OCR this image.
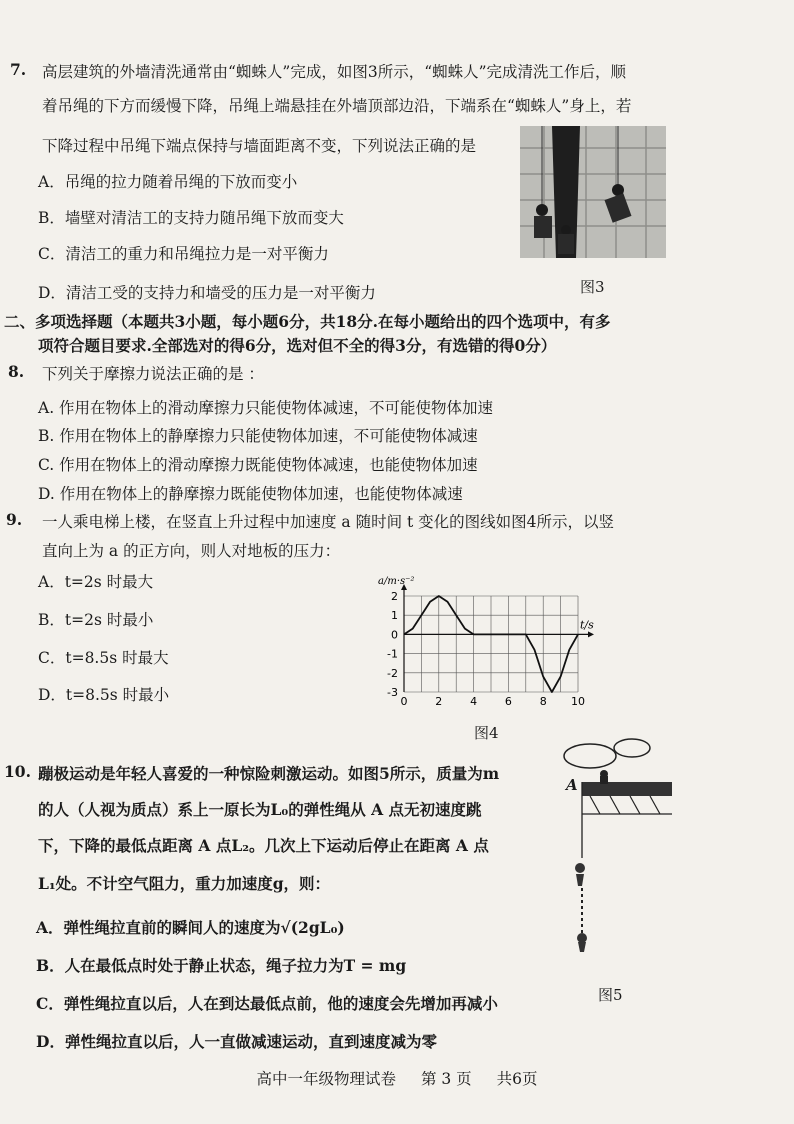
7. 高层建筑的外墙清洗通常由“蜘蛛人”完成，如图3所示，“蜘蛛人”完成清洗工作后，顺
着吊绳的下方而缓慢下降，吊绳上端悬挂在外墙顶部边沿，下端系在“蜘蛛人”身上，若
下降过程中吊绳下端点保持与墙面距离不变，下列说法正确的是
A．吊绳的拉力随着吊绳的下放而变小
B．墙壁对清洁工的支持力随吊绳下放而变大
C．清洁工的重力和吊绳拉力是一对平衡力
D．清洁工受的支持力和墙受的压力是一对平衡力	图3
二、多项选择题（本题共3小题，每小题6分，共18分.在每小题给出的四个选项中，有多
项符合题目要求.全部选对的得6分，选对但不全的得3分，有选错的得0分）
8. 下列关于摩擦力说法正确的是 ：
A. 作用在物体上的滑动摩擦力只能使物体减速，不可能使物体加速
B. 作用在物体上的静摩擦力只能使物体加速，不可能使物体减速
C. 作用在物体上的滑动摩擦力既能使物体减速，也能使物体加速
D. 作用在物体上的静摩擦力既能使物体加速，也能使物体减速
9. 一人乘电梯上楼，在竖直上升过程中加速度 a 随时间 t 变化的图线如图4所示，以竖
直向上为 a 的正方向，则人对地板的压力：
A．t=2s 时最大
B．t=2s 时最小
C．t=8.5s 时最大
D．t=8.5s 时最小	0	2	4	6	8 10
2
1
0
-1
-2
-3
t/s
a/m·s⁻²
图4
10. 蹦极运动是年轻人喜爱的一种惊险刺激运动。如图5所示，质量为m
的人（人视为质点）系上一原长为L₀的弹性绳从 A 点无初速度跳
下，下降的最低点距离 A 点L₂。几次上下运动后停止在距离 A 点
L₁处。不计空气阻力，重力加速度g，则：
A．弹性绳拉直前的瞬间人的速度为√(2gL₀)
B．人在最低点时处于静止状态，绳子拉力为T = mg
C．弹性绳拉直以后，人在到达最低点前，他的速度会先增加再减小
D．弹性绳拉直以后，人一直做减速运动，直到速度减为零
A
图5
高中一年级物理试卷 第 3 页 共6页
